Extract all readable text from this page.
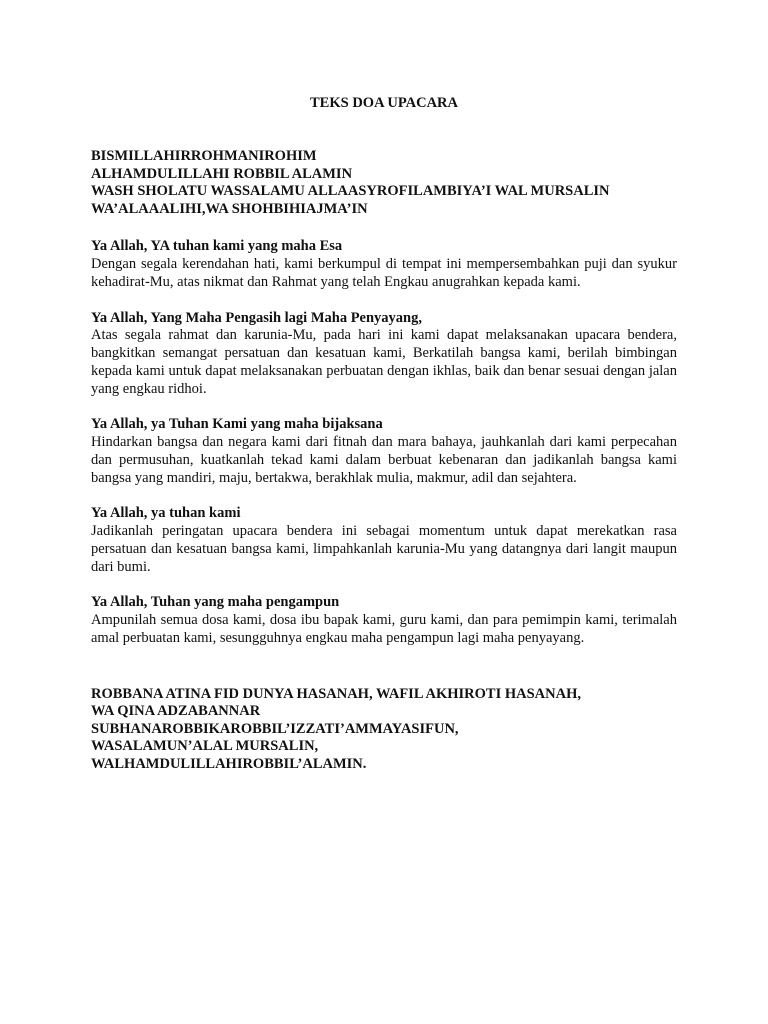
TEKS DOA UPACARA
BISMILLAHIRROHMANIROHIM
ALHAMDULILLAHI ROBBIL ALAMIN
WASH SHOLATU WASSALAMU ALLAASYROFILAMBIYA’I WAL MURSALIN
WA’ALAAALIHI,WA SHOHBIHIAJMA’IN

Ya Allah, YA tuhan kami yang maha Esa

Dengan segala kerendahan hati, kami berkumpul di tempat ini mempersembahkan puji dan syukur kehadirat-Mu, atas nikmat dan Rahmat yang telah Engkau anugrahkan kepada kami.

Ya Allah, Yang Maha Pengasih lagi Maha Penyayang,

Atas segala rahmat dan karunia-Mu, pada hari ini kami dapat melaksanakan upacara bendera, bangkitkan semangat persatuan dan kesatuan kami, Berkatilah bangsa kami, berilah bimbingan kepada kami untuk dapat melaksanakan perbuatan dengan ikhlas, baik dan benar sesuai dengan jalan yang engkau ridhoi.

Ya Allah, ya Tuhan Kami yang maha bijaksana

Hindarkan bangsa dan negara kami dari fitnah dan mara bahaya, jauhkanlah dari kami perpecahan dan permusuhan, kuatkanlah tekad kami dalam berbuat kebenaran dan jadikanlah bangsa kami bangsa yang mandiri, maju, bertakwa, berakhlak mulia, makmur, adil dan sejahtera.

Ya Allah, ya tuhan kami

Jadikanlah peringatan upacara bendera ini sebagai momentum untuk dapat merekatkan rasa persatuan dan kesatuan bangsa kami, limpahkanlah karunia-Mu yang datangnya dari langit maupun dari bumi.

Ya Allah, Tuhan yang maha pengampun

Ampunilah semua dosa kami, dosa ibu bapak kami, guru kami, dan para pemimpin kami, terimalah amal perbuatan kami, sesungguhnya engkau maha pengampun lagi maha penyayang.

ROBBANA ATINA FID DUNYA HASANAH, WAFIL AKHIROTI HASANAH,
WA QINA ADZABANNAR
SUBHANAROBBIKAROBBIL’IZZATI’AMMAYASIFUN,
WASALAMUN’ALAL MURSALIN,
WALHAMDULILLAHIROBBIL’ALAMIN.
